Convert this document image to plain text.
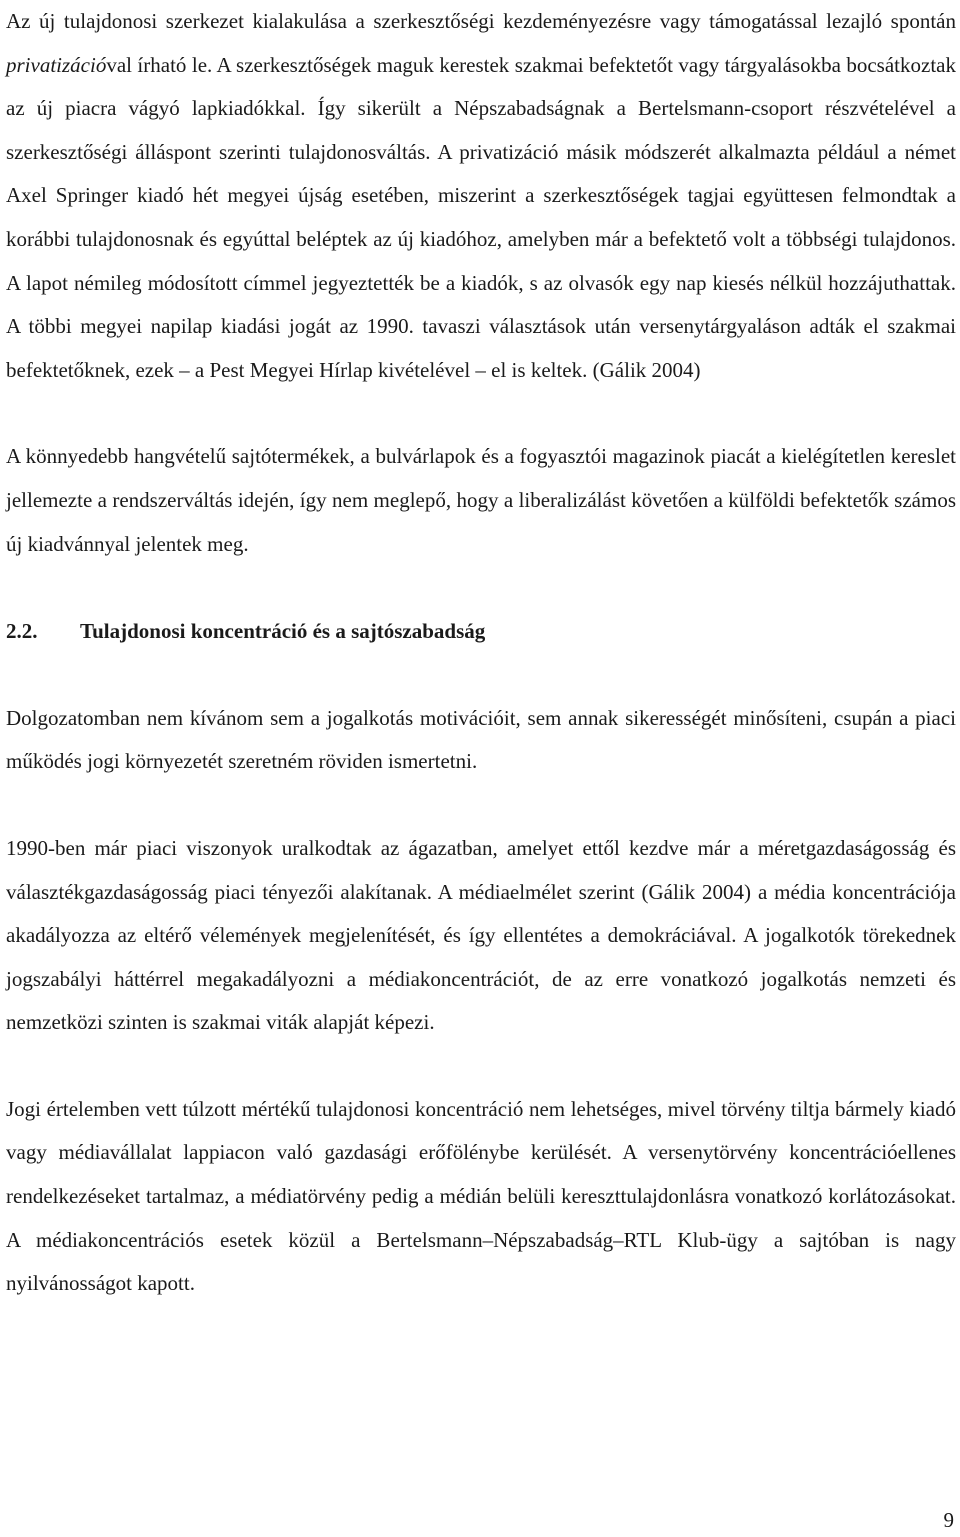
Az új tulajdonosi szerkezet kialakulása a szerkesztőségi kezdeményezésre vagy támogatással lezajló spontán privatizációval írható le. A szerkesztőségek maguk kerestek szakmai befektetőt vagy tárgyalásokba bocsátkoztak az új piacra vágyó lapkiadókkal. Így sikerült a Népszabadságnak a Bertelsmann-csoport részvételével a szerkesztőségi álláspont szerinti tulajdonosváltás. A privatizáció másik módszerét alkalmazta például a német Axel Springer kiadó hét megyei újság esetében, miszerint a szerkesztőségek tagjai együttesen felmondtak a korábbi tulajdonosnak és egyúttal beléptek az új kiadóhoz, amelyben már a befektető volt a többségi tulajdonos. A lapot némileg módosított címmel jegyeztették be a kiadók, s az olvasók egy nap kiesés nélkül hozzájuthattak. A többi megyei napilap kiadási jogát az 1990. tavaszi választások után versenytárgyaláson adták el szakmai befektetőknek, ezek – a Pest Megyei Hírlap kivételével – el is keltek. (Gálik 2004)

A könnyedebb hangvételű sajtótermékek, a bulvárlapok és a fogyasztói magazinok piacát a kielégítetlen kereslet jellemezte a rendszerváltás idején, így nem meglepő, hogy a liberalizálást követően a külföldi befektetők számos új kiadvánnyal jelentek meg.

2.2. Tulajdonosi koncentráció és a sajtószabadság

Dolgozatomban nem kívánom sem a jogalkotás motivációit, sem annak sikerességét minősíteni, csupán a piaci működés jogi környezetét szeretném röviden ismertetni.

1990-ben már piaci viszonyok uralkodtak az ágazatban, amelyet ettől kezdve már a méretgazdaságosság és választékgazdaságosság piaci tényezői alakítanak. A médiaelmélet szerint (Gálik 2004) a média koncentrációja akadályozza az eltérő vélemények megjelenítését, és így ellentétes a demokráciával. A jogalkotók törekednek jogszabályi háttérrel megakadályozni a médiakoncentrációt, de az erre vonatkozó jogalkotás nemzeti és nemzetközi szinten is szakmai viták alapját képezi.

Jogi értelemben vett túlzott mértékű tulajdonosi koncentráció nem lehetséges, mivel törvény tiltja bármely kiadó vagy médiavállalat lappiacon való gazdasági erőfölénybe kerülését. A versenytörvény koncentrációellenes rendelkezéseket tartalmaz, a médiatörvény pedig a médián belüli kereszttulajdonlásra vonatkozó korlátozásokat. A médiakoncentrációs esetek közül a Bertelsmann–Népszabadság–RTL Klub-ügy a sajtóban is nagy nyilvánosságot kapott.

9
